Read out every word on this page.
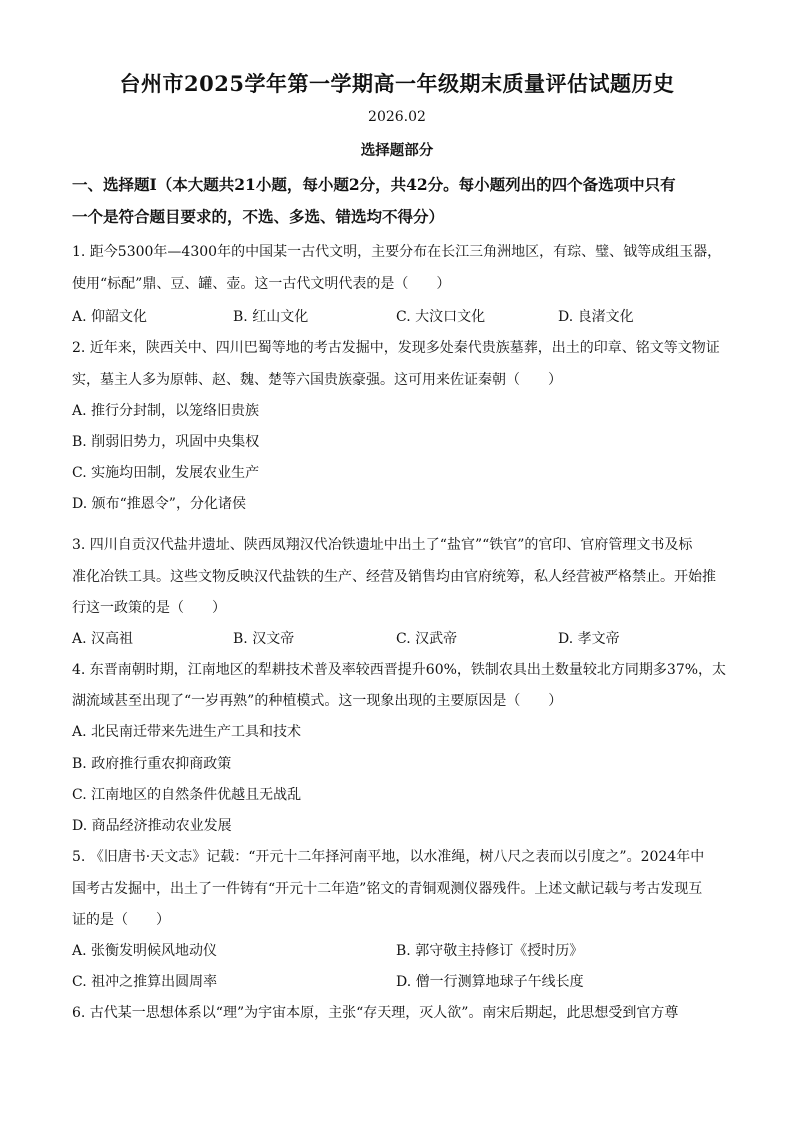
台州市2025学年第一学期高一年级期末质量评估试题历史
2026.02
选择题部分
一、选择题Ⅰ（本大题共21小题，每小题2分，共42分。每小题列出的四个备选项中只有
一个是符合题目要求的，不选、多选、错选均不得分）
1. 距今5300年—4300年的中国某一古代文明，主要分布在长江三角洲地区，有琮、璧、钺等成组玉器，
使用“标配”鼎、豆、罐、壶。这一古代文明代表的是（　　）
A. 仰韶文化	B. 红山文化	C. 大汶口文化	D. 良渚文化
2. 近年来，陕西关中、四川巴蜀等地的考古发掘中，发现多处秦代贵族墓葬，出土的印章、铭文等文物证
实，墓主人多为原韩、赵、魏、楚等六国贵族豪强。这可用来佐证秦朝（　　）
A. 推行分封制，以笼络旧贵族
B. 削弱旧势力，巩固中央集权
C. 实施均田制，发展农业生产
D. 颁布“推恩令”，分化诸侯
3. 四川自贡汉代盐井遗址、陕西凤翔汉代冶铁遗址中出土了“盐官”“铁官”的官印、官府管理文书及标
准化冶铁工具。这些文物反映汉代盐铁的生产、经营及销售均由官府统筹，私人经营被严格禁止。开始推
行这一政策的是（　　）
A. 汉高祖	B. 汉文帝	C. 汉武帝	D. 孝文帝
4. 东晋南朝时期，江南地区的犁耕技术普及率较西晋提升60%，铁制农具出土数量较北方同期多37%，太
湖流域甚至出现了“一岁再熟”的种植模式。这一现象出现的主要原因是（　　）
A. 北民南迁带来先进生产工具和技术
B. 政府推行重农抑商政策
C. 江南地区的自然条件优越且无战乱
D. 商品经济推动农业发展
5. 《旧唐书·天文志》记载：“开元十二年择河南平地，以水准绳，树八尺之表而以引度之”。2024年中
国考古发掘中，出土了一件铸有“开元十二年造”铭文的青铜观测仪器残件。上述文献记载与考古发现互
证的是（　　）
A. 张衡发明候风地动仪	B. 郭守敬主持修订《授时历》
C. 祖冲之推算出圆周率	D. 僧一行测算地球子午线长度
6. 古代某一思想体系以“理”为宇宙本原，主张“存天理，灭人欲”。南宋后期起，此思想受到官方尊
